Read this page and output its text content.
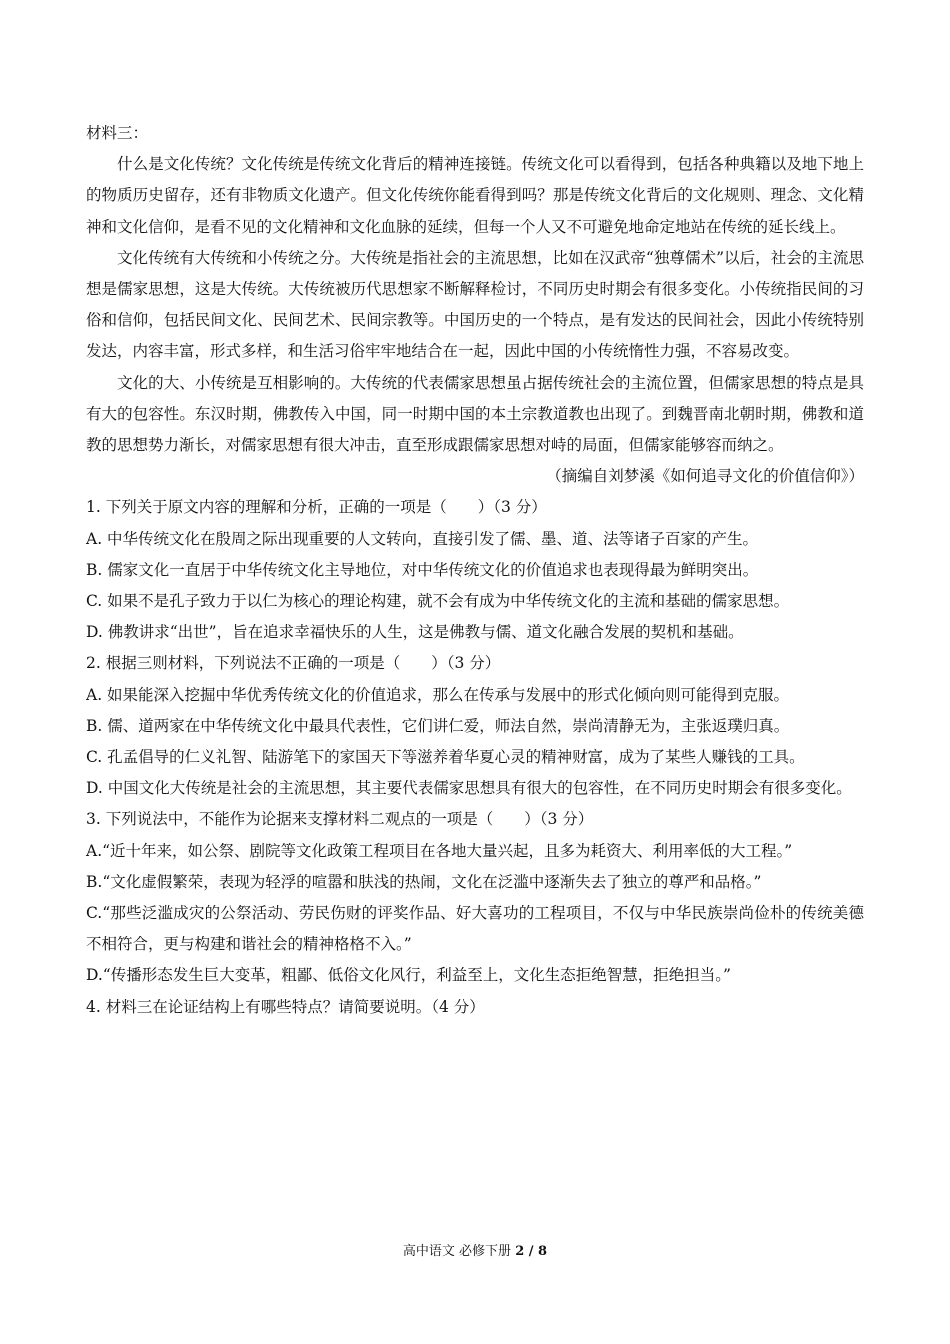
材料三：

什么是文化传统？文化传统是传统文化背后的精神连接链。传统文化可以看得到，包括各种典籍以及地下地上的物质历史留存，还有非物质文化遗产。但文化传统你能看得到吗？那是传统文化背后的文化规则、理念、文化精神和文化信仰，是看不见的文化精神和文化血脉的延续，但每一个人又不可避免地命定地站在传统的延长线上。

文化传统有大传统和小传统之分。大传统是指社会的主流思想，比如在汉武帝“独尊儒术”以后，社会的主流思想是儒家思想，这是大传统。大传统被历代思想家不断解释检讨，不同历史时期会有很多变化。小传统指民间的习俗和信仰，包括民间文化、民间艺术、民间宗教等。中国历史的一个特点，是有发达的民间社会，因此小传统特别发达，内容丰富，形式多样，和生活习俗牢牢地结合在一起，因此中国的小传统惰性力强，不容易改变。

文化的大、小传统是互相影响的。大传统的代表儒家思想虽占据传统社会的主流位置，但儒家思想的特点是具有大的包容性。东汉时期，佛教传入中国，同一时期中国的本土宗教道教也出现了。到魏晋南北朝时期，佛教和道教的思想势力渐长，对儒家思想有很大冲击，直至形成跟儒家思想对峙的局面，但儒家能够容而纳之。

（摘编自刘梦溪《如何追寻文化的价值信仰》）

1. 下列关于原文内容的理解和分析，正确的一项是（　　）（3 分）

A. 中华传统文化在殷周之际出现重要的人文转向，直接引发了儒、墨、道、法等诸子百家的产生。

B. 儒家文化一直居于中华传统文化主导地位，对中华传统文化的价值追求也表现得最为鲜明突出。

C. 如果不是孔子致力于以仁为核心的理论构建，就不会有成为中华传统文化的主流和基础的儒家思想。

D. 佛教讲求“出世”，旨在追求幸福快乐的人生，这是佛教与儒、道文化融合发展的契机和基础。

2. 根据三则材料，下列说法不正确的一项是（　　）（3 分）

A. 如果能深入挖掘中华优秀传统文化的价值追求，那么在传承与发展中的形式化倾向则可能得到克服。

B. 儒、道两家在中华传统文化中最具代表性，它们讲仁爱，师法自然，崇尚清静无为，主张返璞归真。

C. 孔孟倡导的仁义礼智、陆游笔下的家国天下等滋养着华夏心灵的精神财富，成为了某些人赚钱的工具。

D. 中国文化大传统是社会的主流思想，其主要代表儒家思想具有很大的包容性，在不同历史时期会有很多变化。

3. 下列说法中，不能作为论据来支撑材料二观点的一项是（　　）（3 分）

A.“近十年来，如公祭、剧院等文化政策工程项目在各地大量兴起，且多为耗资大、利用率低的大工程。”

B.“文化虚假繁荣，表现为轻浮的喧嚣和肤浅的热闹，文化在泛滥中逐渐失去了独立的尊严和品格。”

C.“那些泛滥成灾的公祭活动、劳民伤财的评奖作品、好大喜功的工程项目，不仅与中华民族崇尚俭朴的传统美德不相符合，更与构建和谐社会的精神格格不入。”

D.“传播形态发生巨大变革，粗鄙、低俗文化风行，利益至上，文化生态拒绝智慧，拒绝担当。”

4. 材料三在论证结构上有哪些特点？请简要说明。（4 分）

高中语文 必修下册 2 / 8
